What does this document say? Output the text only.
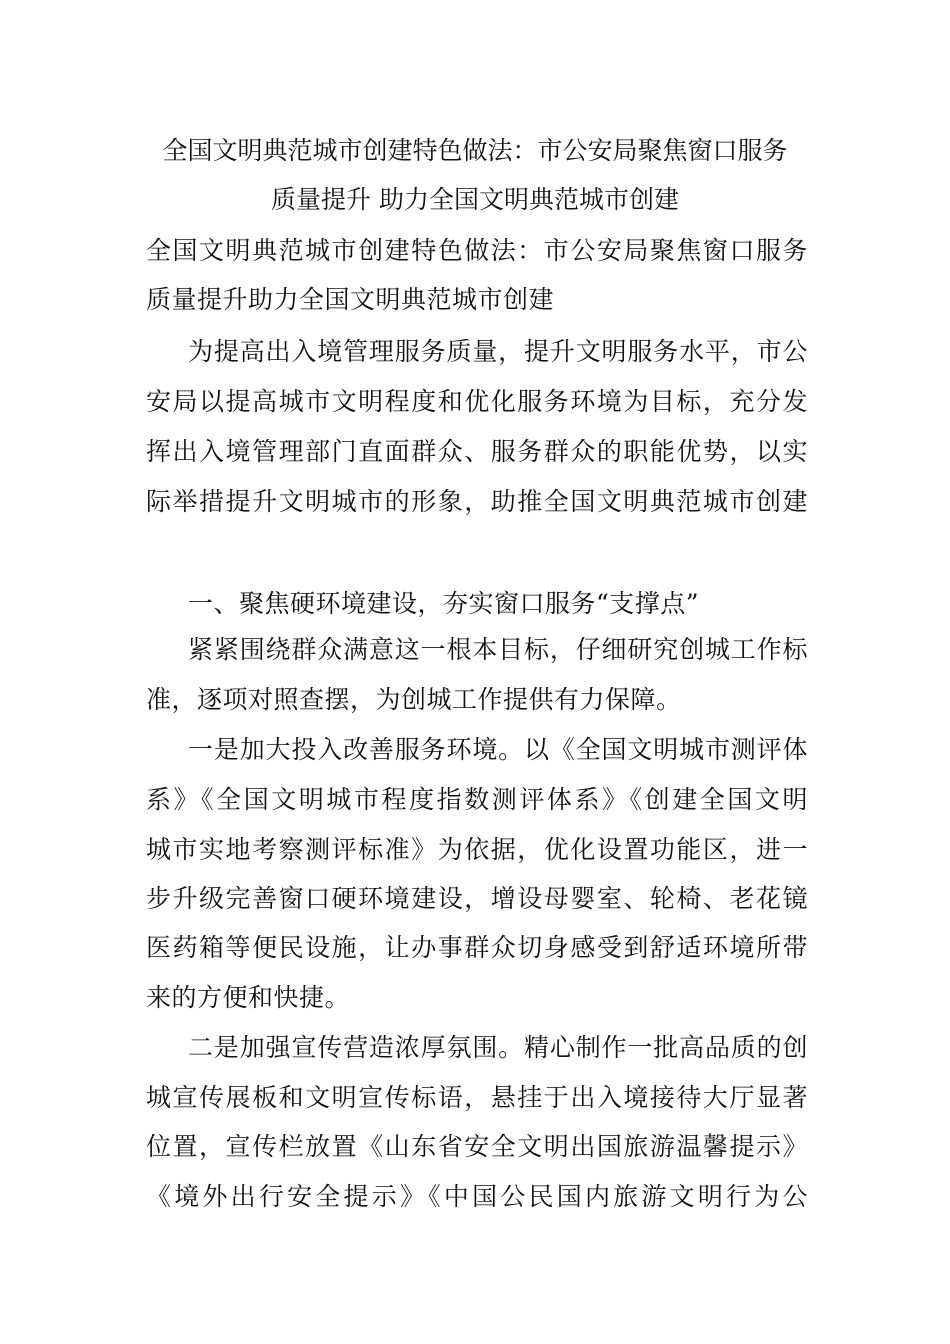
全国文明典范城市创建特色做法：市公安局聚焦窗口服务
质量提升 助力全国文明典范城市创建
全国文明典范城市创建特色做法：市公安局聚焦窗口服务
质量提升助力全国文明典范城市创建
为提高出入境管理服务质量，提升文明服务水平，市公
安局以提高城市文明程度和优化服务环境为目标，充分发
挥出入境管理部门直面群众、服务群众的职能优势，以实
际举措提升文明城市的形象，助推全国文明典范城市创建
一、聚焦硬环境建设，夯实窗口服务“支撑点”
紧紧围绕群众满意这一根本目标，仔细研究创城工作标
准，逐项对照查摆，为创城工作提供有力保障。
一是加大投入改善服务环境。以《全国文明城市测评体
系》《全国文明城市程度指数测评体系》《创建全国文明
城市实地考察测评标准》为依据，优化设置功能区，进一
步升级完善窗口硬环境建设，增设母婴室、轮椅、老花镜
医药箱等便民设施，让办事群众切身感受到舒适环境所带
来的方便和快捷。
二是加强宣传营造浓厚氛围。精心制作一批高品质的创
城宣传展板和文明宣传标语，悬挂于出入境接待大厅显著
位置，宣传栏放置《山东省安全文明出国旅游温馨提示》
《境外出行安全提示》《中国公民国内旅游文明行为公
